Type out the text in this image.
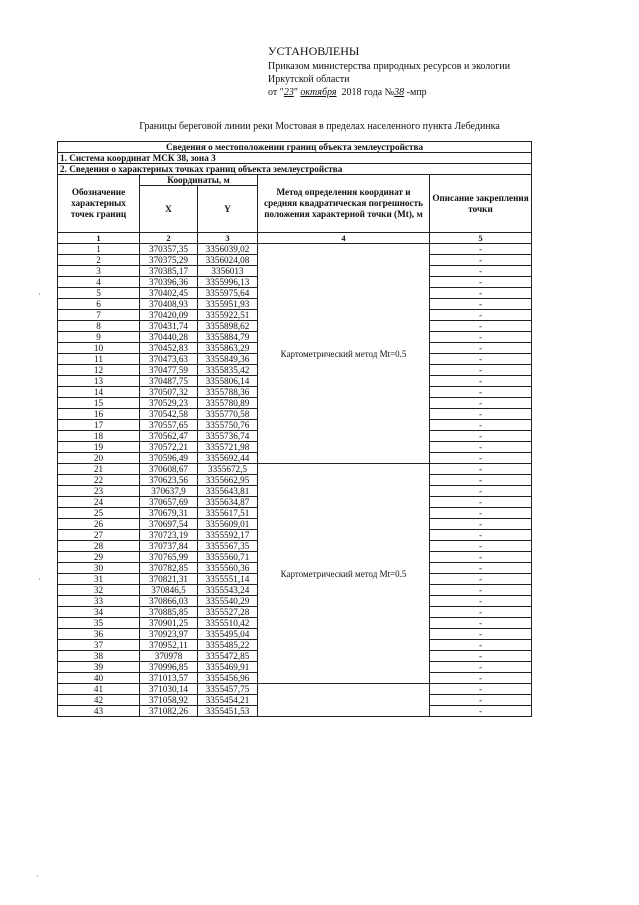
УСТАНОВЛЕНЫ
Приказом министерства природных ресурсов и экологии
Иркутской области
от "23" октября 2018 года №38 -мпр
Границы береговой линии реки Мостовая в пределах населенного пункта Лебединка
·
·
·
Сведения о местоположении границ объекта землеустройства				
1. Система координат МСК 38, зона 3				
2. Сведения о характерных точках границ объекта землеустройства				
Обозначение характерных точек границ	Координаты, м		Метод определения координат и средняя квадратическая погрешность положения характерной точки (Mt), м	Описание закрепления точки
	X	Y		
1	2	3	4	5
1	370357,35	3356039,02	Картометрический метод Mt=0.5	-
2	370375,29	3356024,08		-
3	370385,17	3356013		-
4	370396,36	3355996,13		-
5	370402,45	3355975,64		-
6	370408,93	3355951,93		-
7	370420,09	3355922,51		-
8	370431,74	3355898,62		-
9	370440,28	3355884,79		-
10	370452,83	3355863,29		-
11	370473,63	3355849,36		-
12	370477,59	3355835,42		-
13	370487,75	3355806,14		-
14	370507,32	3355788,36		-
15	370529,23	3355780,89		-
16	370542,58	3355770,58		-
17	370557,65	3355750,76		-
18	370562,47	3355736,74		-
19	370572,21	3355721,98		-
20	370596,49	3355692,44		-
21	370608,67	3355672,5	Картометрический метод Mt=0.5	-
22	370623,56	3355662,95		-
23	370637,9	3355643,81		-
24	370657,69	3355634,87		-
25	370679,31	3355617,51		-
26	370697,54	3355609,01		-
27	370723,19	3355592,17		-
28	370737,84	3355567,35		-
29	370765,99	3355560,71		-
30	370782,85	3355560,36		-
31	370821,31	3355551,14		-
32	370846,5	3355543,24		-
33	370866,03	3355540,29		-
34	370885,85	3355527,28		-
35	370901,25	3355510,42		-
36	370923,97	3355495,04		-
37	370952,11	3355485,22		-
38	370978	3355472,85		-
39	370996,85	3355469,91		-
40	371013,57	3355456,96		-
41	371030,14	3355457,75		-
42	371058,92	3355454,21		-
43	371082,26	3355451,53		-
